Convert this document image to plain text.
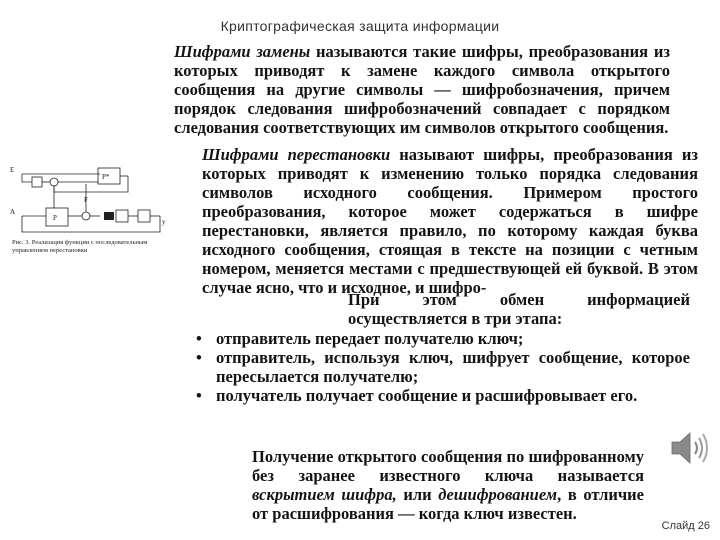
Криптографическая защита информации

Шифрами замены называются такие шифры, преобразования из которых приводят к замене каждого символа открытого сообщения на другие символы — шифробозначения, причем порядок следования шифробозначений совпадает с порядком следования соответствующих им символов открытого сообщения.

Шифрами перестановки называют шифры, преобразования из которых приводят к изменению только порядка следования символов исходного сообщения. Примером простого преобразования, которое может содержаться в шифре перестановки, является правило, по которому каждая буква исходного сообщения, стоящая в тексте на позиции с четным номером, меняется местами с предшествующей ей буквой. В этом случае ясно, что и исходное, и шифро-

При этом обмен информацией осуществляется в три этапа:

• отправитель передает получателю ключ;
• отправитель, используя ключ, шифрует сообщение, которое пересылается получателю;
• получатель получает сообщение и расшифровывает его.

Получение открытого сообщения по шифрованному без заранее известного ключа называется вскрытием шифра, или дешифрованием, в отличие от расшифрования — когда ключ известен.

E
A
P*
P
F
y
Рис. 3. Реализация функции с последовательным управлением перестановки
Слайд 26
